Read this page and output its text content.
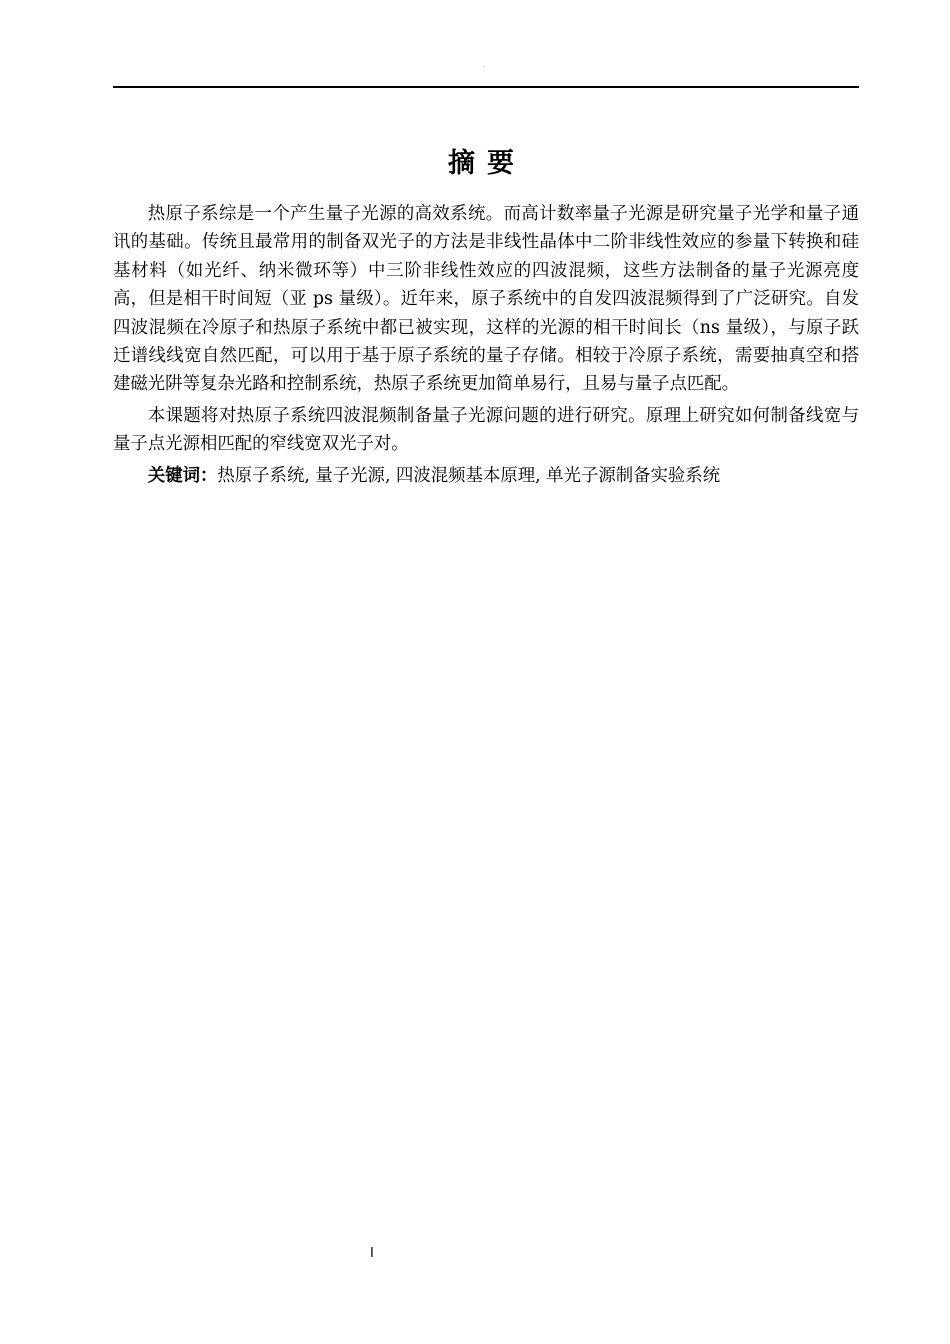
.
摘要

热原子系综是一个产生量子光源的高效系统。而高计数率量子光源是研究量子光学和量子通讯的基础。传统且最常用的制备双光子的方法是非线性晶体中二阶非线性效应的参量下转换和硅基材料（如光纤、纳米微环等）中三阶非线性效应的四波混频，这些方法制备的量子光源亮度高，但是相干时间短（亚 ps 量级）。近年来，原子系统中的自发四波混频得到了广泛研究。自发四波混频在冷原子和热原子系统中都已被实现，这样的光源的相干时间长（ns 量级），与原子跃迁谱线线宽自然匹配，可以用于基于原子系统的量子存储。相较于冷原子系统，需要抽真空和搭建磁光阱等复杂光路和控制系统，热原子系统更加简单易行，且易与量子点匹配。

本课题将对热原子系统四波混频制备量子光源问题的进行研究。原理上研究如何制备线宽与量子点光源相匹配的窄线宽双光子对。

关键词：热原子系统, 量子光源, 四波混频基本原理, 单光子源制备实验系统

I
